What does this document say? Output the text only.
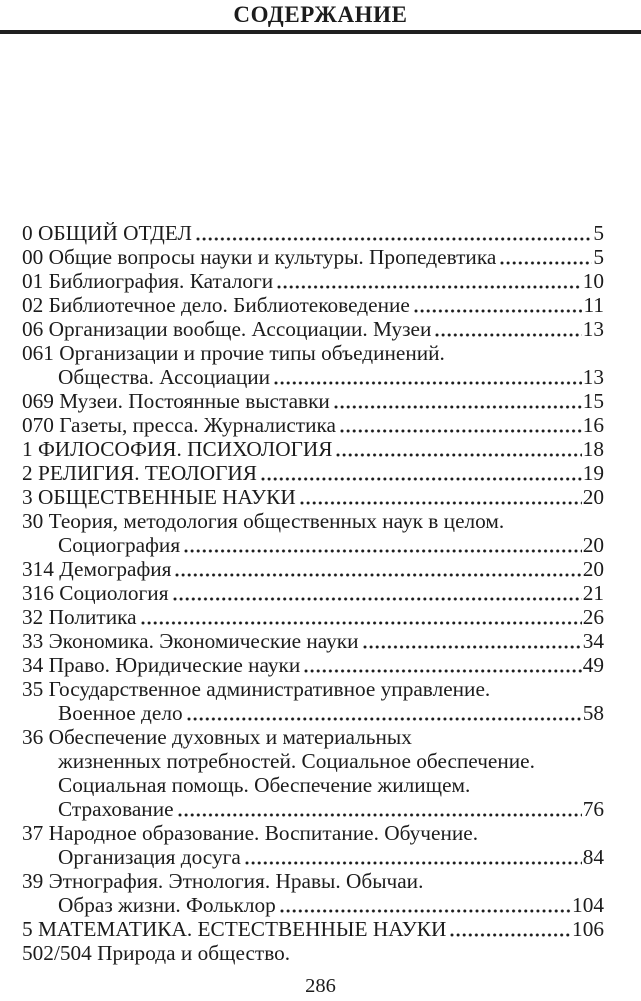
СОДЕРЖАНИЕ
0 ОБЩИЙ ОТДЕЛ	5
00 Общие вопросы науки и культуры. Пропедевтика	5
01 Библиография. Каталоги	10
02 Библиотечное дело. Библиотековедение	11
06 Организации вообще. Ассоциации. Музеи	13
061 Организации и прочие типы объединений.
Общества. Ассоциации	13
069 Музеи. Постоянные выставки	15
070 Газеты, пресса. Журналистика	16
1 ФИЛОСОФИЯ. ПСИХОЛОГИЯ	18
2 РЕЛИГИЯ. ТЕОЛОГИЯ	19
3 ОБЩЕСТВЕННЫЕ НАУКИ	20
30 Теория, методология общественных наук в целом.
Социография	20
314 Демография	20
316 Социология	21
32 Политика	26
33 Экономика. Экономические науки	34
34 Право. Юридические науки	49
35 Государственное административное управление.
Военное дело	58
36 Обеспечение духовных и материальных
жизненных потребностей. Социальное обеспечение.
Социальная помощь. Обеспечение жилищем.
Страхование	76
37 Народное образование. Воспитание. Обучение.
Организация досуга	84
39 Этнография. Этнология. Нравы. Обычаи.
Образ жизни. Фольклор	104
5 МАТЕМАТИКА. ЕСТЕСТВЕННЫЕ НАУКИ	106
502/504 Природа и общество.
286
